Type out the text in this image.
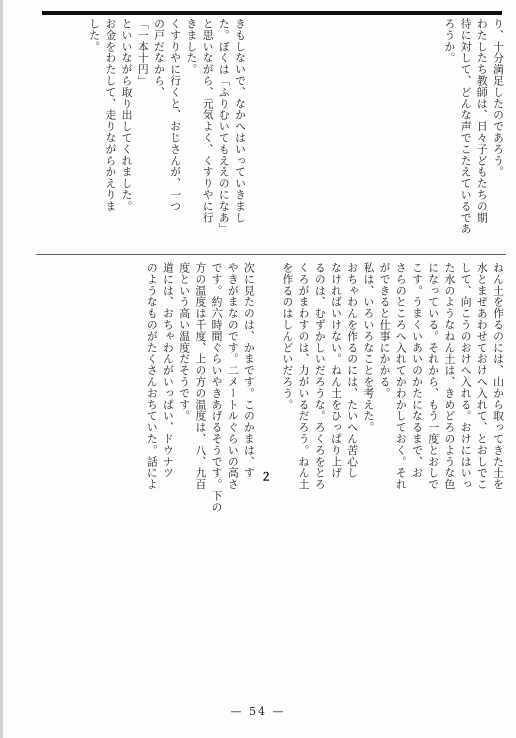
り、十分満足したのであろう。
わたしたち教師は、日々子どもたちの期
待に対して、どんな声でこたえているであ
ろうか。
きもしないで、なかへはいっていきまし
た。ぼくは「ふりむいてもええのになあ」
と思いながら、元気よく、くすりやに行
きました。
くすりやに行くと、おじさんが、一つ
の戸だなから、
「一本十円」
といいながら取り出してくれました。
お金をわたして、走りながらかえりま
した。
ねん土を作るのには、山から取ってきた土を
水とまぜあわせておけへ入れて、とおしでこ
して、向こうのおけへ入れる。おけにはいっ
た水のようなねん土は、きめどろのような色
になっている。それから、もう一度とおしで
こす。うまくいあいのかたになるまで、お
さらのところへ入れてかわかしておく。それ
ができると仕事にかかる。
私は、いろいろなことを考えた。
おちゃわんを作るのには、たいへん苦心し
なければいけない。ねん土をひっぱり上げ
るのは、むずかしいだろうな。ろくろをとろ
くろがまわすのは、力がいるだろう。ねん土
を作るのはしんどいだろう。
２
次に見たのは、かまです。このかまは、す
やきがまなのです。二メートルぐらいの高さ
です。約六時間ぐらいやきあげるそうです。下の
方の温度は千度、上の方の温度は、八、九百
度という高い温度だそうです。
道には、おちゃわんがいっぱい、ドウナツ
のようなものがたくさんおちていた。話によ
— 54 —
